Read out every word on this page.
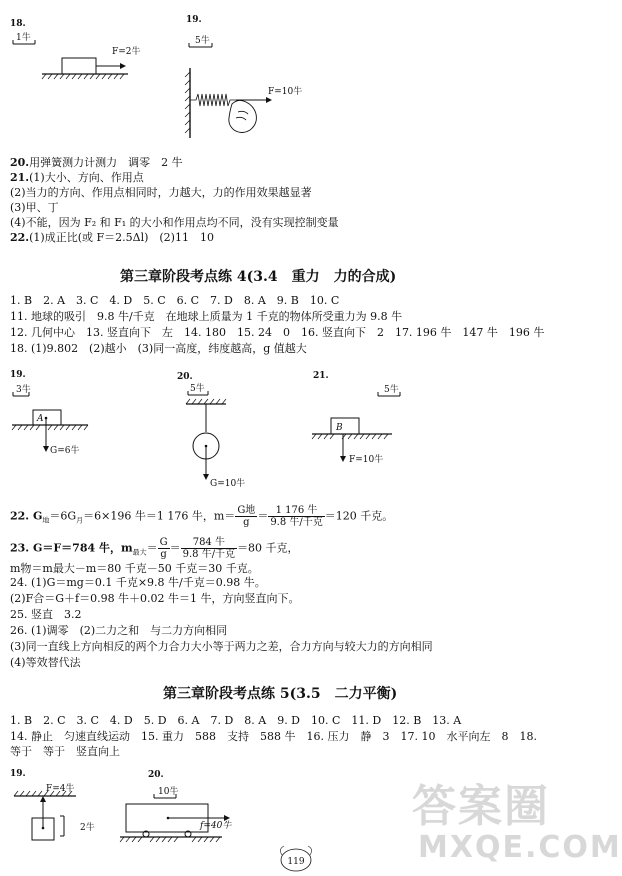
18.
1牛
F=2牛
19.
5牛
F=10牛
20.用弹簧测力计测力　调零　2 牛
21.(1)大小、方向、作用点
(2)当力的方向、作用点相同时，力越大，力的作用效果越显著
(3)甲、丁
(4)不能，因为 F₂ 和 F₁ 的大小和作用点均不同，没有实现控制变量
22.(1)成正比(或 F＝2.5Δl)　(2)11　10
第三章阶段考点练 4(3.4　重力　力的合成)
1. B　2. A　3. C　4. D　5. C　6. C　7. D　8. A　9. B　10. C
11. 地球的吸引　9.8 牛/千克　在地球上质量为 1 千克的物体所受重力为 9.8 牛
12. 几何中心　13. 竖直向下　左　14. 180　15. 24　0　16. 竖直向下　2　17. 196 牛　147 牛　196 牛
18. (1)9.802　(2)越小　(3)同一高度，纬度越高，g 值越大
19.
3牛
A
G=6牛
20.
5牛
G=10牛
21.
5牛
B
F=10牛
22. $G_地=6G_月=6\times 196$ 牛＝1 176 牛，$m= \frac{\text{G地}}{g} = \frac{\text{1 176 牛}}{\text{9.8 牛/千克}} =120$ 千克。
23. G＝F＝784 牛，$m_{最大}= \frac{G}{g} = \frac{\text{784 牛}}{\text{9.8 牛/千克}} =80$ 千克，
m物＝m最大－m＝80 千克－50 千克＝30 千克。
24. (1)G＝mg＝0.1 千克×9.8 牛/千克＝0.98 牛。
(2)F合＝G＋f＝0.98 牛＋0.02 牛＝1 牛，方向竖直向下。
25. 竖直　3.2
26. (1)调零　(2)二力之和　与二力方向相同
(3)同一直线上方向相反的两个力合力大小等于两力之差，合力方向与较大力的方向相同
(4)等效替代法
第三章阶段考点练 5(3.5　二力平衡)
1. B　2. C　3. C　4. D　5. D　6. A　7. D　8. A　9. D　10. C　11. D　12. B　13. A
14. 静止　匀速直线运动　15. 重力　588　支持　588 牛　16. 压力　静　3　17. 10　水平向左　8　18.
等于　等于　竖直向上
19.
F=4牛
2牛
20.
10牛
f=40牛
119
答案圈
MXQE.COM
